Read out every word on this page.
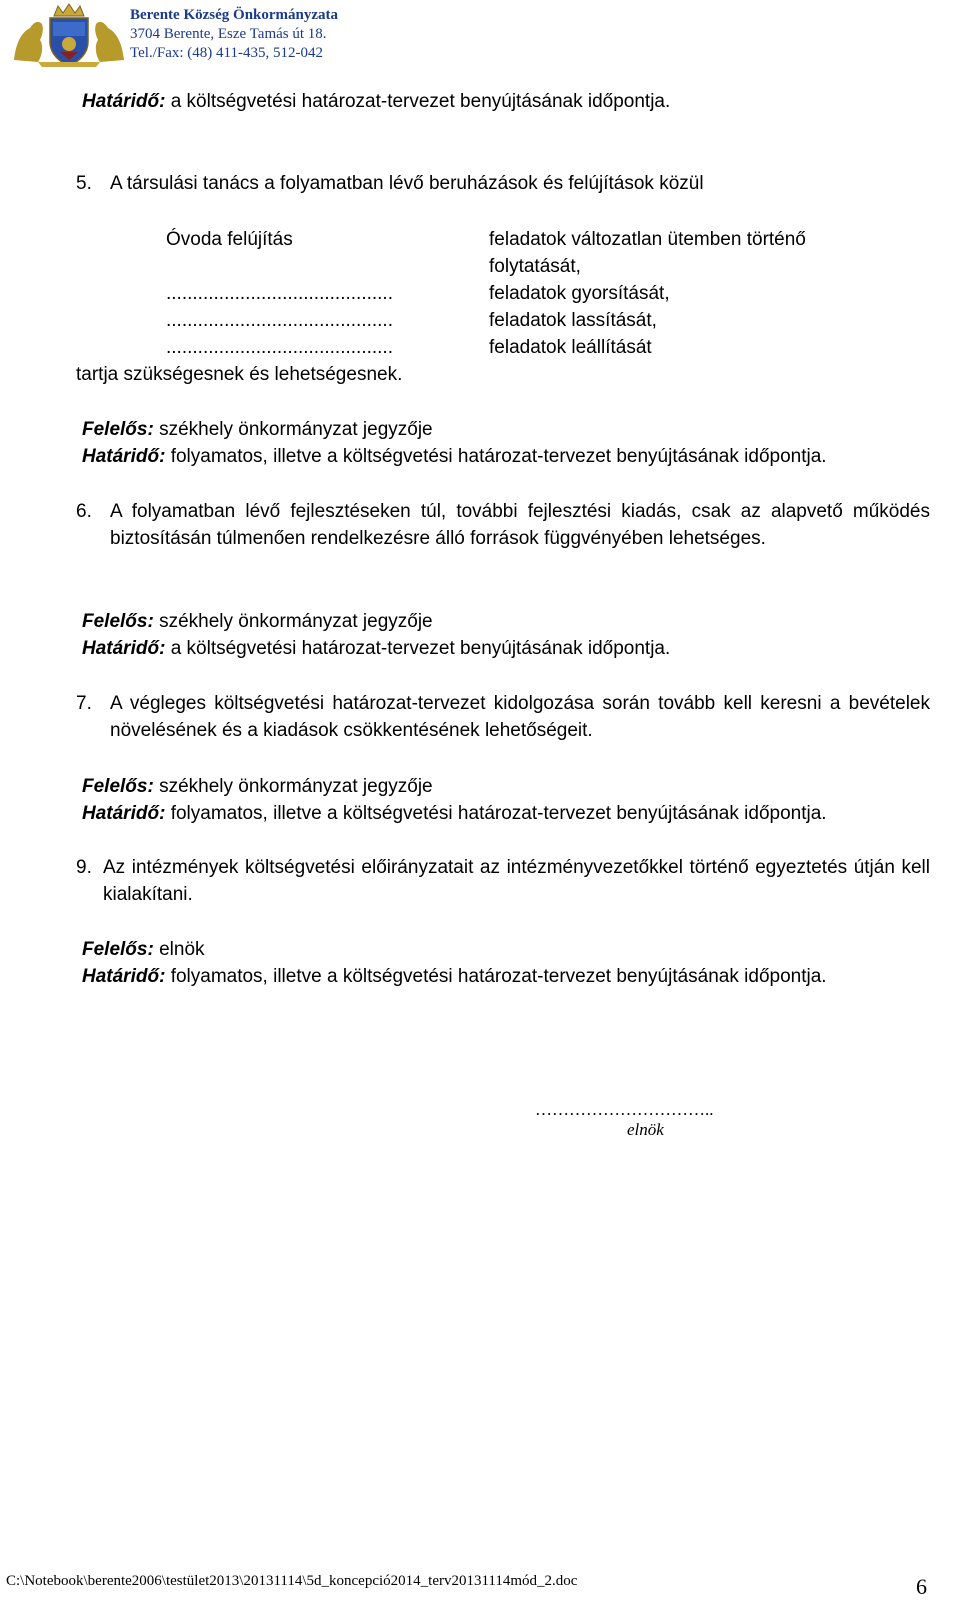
Berente Község Önkormányzata
3704 Berente, Esze Tamás út 18.
Tel./Fax: (48) 411-435, 512-042
Határidő: a költségvetési határozat-tervezet benyújtásának időpontja.
5. A társulási tanács a folyamatban lévő beruházások és felújítások közül
Óvoda felújítás	feladatok változatlan ütemben történő
folytatását,
...........................................	feladatok gyorsítását,
...........................................	feladatok lassítását,
...........................................	feladatok leállítását
tartja szükségesnek és lehetségesnek.
Felelős: székhely önkormányzat jegyzője
Határidő: folyamatos, illetve a költségvetési határozat-tervezet benyújtásának időpontja.
6. A folyamatban lévő fejlesztéseken túl, további fejlesztési kiadás, csak az alapvető működés biztosításán túlmenően rendelkezésre álló források függvényében lehetséges.
Felelős: székhely önkormányzat jegyzője
Határidő: a költségvetési határozat-tervezet benyújtásának időpontja.
7. A végleges költségvetési határozat-tervezet kidolgozása során tovább kell keresni a bevételek növelésének és a kiadások csökkentésének lehetőségeit.
Felelős: székhely önkormányzat jegyzője
Határidő: folyamatos, illetve a költségvetési határozat-tervezet benyújtásának időpontja.
9. Az intézmények költségvetési előirányzatait az intézményvezetőkkel történő egyeztetés útján kell kialakítani.
Felelős: elnök
Határidő: folyamatos, illetve a költségvetési határozat-tervezet benyújtásának időpontja.
…………………………..
elnök
C:\Notebook\berente2006\testület2013\20131114\5d_koncepció2014_terv20131114mód_2.doc	6
